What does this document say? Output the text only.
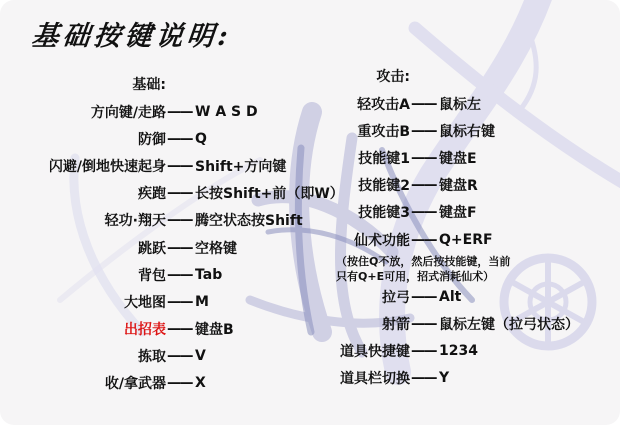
基础按键说明:
基础:
方向键/走路 —— W A S D
防御 —— Q
闪避/倒地快速起身 —— Shift+方向键
疾跑 —— 长按Shift+前（即W）
轻功·翔天 —— 腾空状态按Shift
跳跃 —— 空格键
背包 —— Tab
大地图 —— M
出招表 —— 键盘B
拣取 —— V
收/拿武器 —— X
攻击:
轻攻击A —— 鼠标左
重攻击B —— 鼠标右键
技能键1 —— 键盘E
技能键2 —— 键盘R
技能键3 —— 键盘F
仙术功能 —— Q+ERF
（按住Q不放，然后按技能键，当前
只有Q+E可用，招式消耗仙术）
拉弓 —— Alt
射箭 —— 鼠标左键（拉弓状态）
道具快捷键 —— 1234
道具栏切换 —— Y
